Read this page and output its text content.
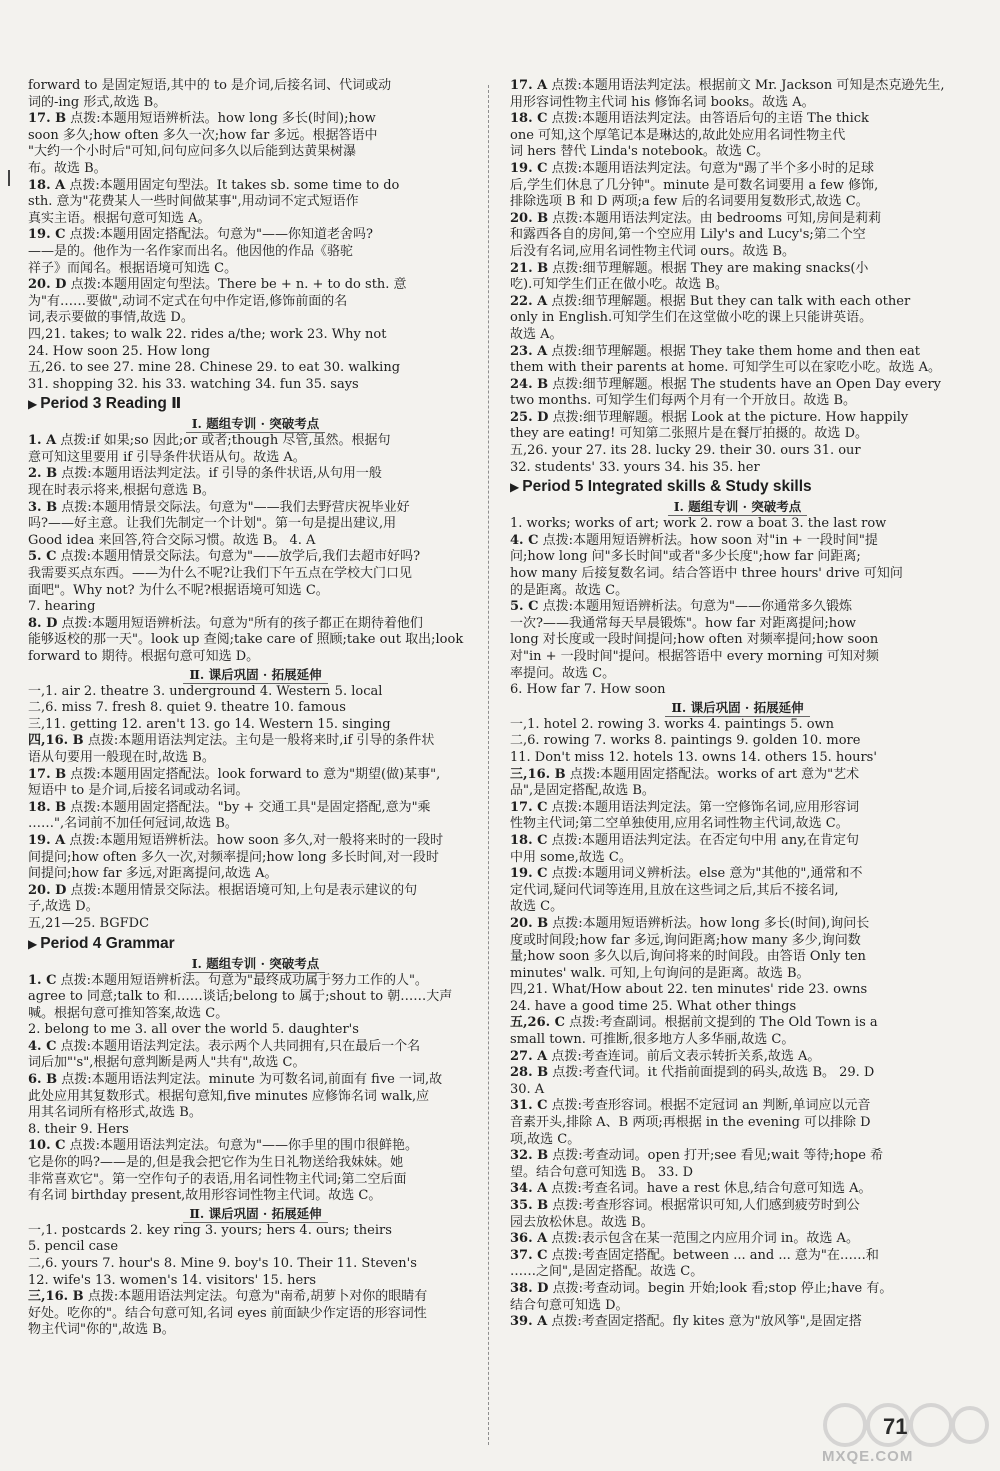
forward to 是固定短语,其中的 to 是介词,后接名词、代词或动
词的-ing 形式,故选 B。
17. B 点拨:本题用短语辨析法。how long 多长(时间);how
soon 多久;how often 多久一次;how far 多远。根据答语中
"大约一个小时后"可知,问句应问多久以后能到达黄果树瀑
布。故选 B。
18. A 点拨:本题用固定句型法。It takes sb. some time to do
sth. 意为"花费某人一些时间做某事",用动词不定式短语作
真实主语。根据句意可知选 A。
19. C 点拨:本题用固定搭配法。句意为"——你知道老舍吗?
——是的。他作为一名作家而出名。他因他的作品《骆驼
祥子》而闻名。根据语境可知选 C。
20. D 点拨:本题用固定句型法。There be + n. + to do sth. 意
为"有……要做",动词不定式在句中作定语,修饰前面的名
词,表示要做的事情,故选 D。
四,21. takes; to walk 22. rides a/the; work 23. Why not
24. How soon 25. How long
五,26. to see 27. mine 28. Chinese 29. to eat 30. walking
31. shopping 32. his 33. watching 34. fun 35. says
▶ Period 3 Reading Ⅱ
Ⅰ. 题组专训 · 突破考点
1. A 点拨:if 如果;so 因此;or 或者;though 尽管,虽然。根据句
意可知这里要用 if 引导条件状语从句。故选 A。
2. B 点拨:本题用语法判定法。if 引导的条件状语,从句用一般
现在时表示将来,根据句意选 B。
3. B 点拨:本题用情景交际法。句意为"——我们去野营庆祝毕业好
吗?——好主意。让我们先制定一个计划"。第一句是提出建议,用
Good idea 来回答,符合交际习惯。故选 B。 4. A
5. C 点拨:本题用情景交际法。句意为"——放学后,我们去超市好吗?
我需要买点东西。——为什么不呢?让我们下午五点在学校大门口见
面吧"。Why not? 为什么不呢?根据语境可知选 C。
7. hearing
8. D 点拨:本题用短语辨析法。句意为"所有的孩子都正在期待着他们
能够返校的那一天"。look up 查阅;take care of 照顾;take out 取出;look
forward to 期待。根据句意可知选 D。
Ⅱ. 课后巩固 · 拓展延伸
一,1. air 2. theatre 3. underground 4. Western 5. local
二,6. miss 7. fresh 8. quiet 9. theatre 10. famous
三,11. getting 12. aren't 13. go 14. Western 15. singing
四,16. B 点拨:本题用语法判定法。主句是一般将来时,if 引导的条件状
语从句要用一般现在时,故选 B。
17. B 点拨:本题用固定搭配法。look forward to 意为"期望(做)某事",
短语中 to 是介词,后接名词或动名词。
18. B 点拨:本题用固定搭配法。"by + 交通工具"是固定搭配,意为"乘
……",名词前不加任何冠词,故选 B。
19. A 点拨:本题用短语辨析法。how soon 多久,对一般将来时的一段时
间提问;how often 多久一次,对频率提问;how long 多长时间,对一段时
间提问;how far 多远,对距离提问,故选 A。
20. D 点拨:本题用情景交际法。根据语境可知,上句是表示建议的句
子,故选 D。
五,21—25. BGFDC
▶ Period 4 Grammar
Ⅰ. 题组专训 · 突破考点
1. C 点拨:本题用短语辨析法。句意为"最终成功属于努力工作的人"。
agree to 同意;talk to 和……谈话;belong to 属于;shout to 朝……大声
喊。根据句意可推知答案,故选 C。
2. belong to me 3. all over the world 5. daughter's
4. C 点拨:本题用语法判定法。表示两个人共同拥有,只在最后一个名
词后加"'s",根据句意判断是两人"共有",故选 C。
6. B 点拨:本题用语法判定法。minute 为可数名词,前面有 five 一词,故
此处应用其复数形式。根据句意知,five minutes 应修饰名词 walk,应
用其名词所有格形式,故选 B。
8. their 9. Hers
10. C 点拨:本题用语法判定法。句意为"——你手里的围巾很鲜艳。
它是你的吗?——是的,但是我会把它作为生日礼物送给我妹妹。她
非常喜欢它"。第一空作句子的表语,用名词性物主代词;第二空后面
有名词 birthday present,故用形容词性物主代词。故选 C。
Ⅱ. 课后巩固 · 拓展延伸
一,1. postcards 2. key ring 3. yours; hers 4. ours; theirs
5. pencil case
二,6. yours 7. hour's 8. Mine 9. boy's 10. Their 11. Steven's
12. wife's 13. women's 14. visitors' 15. hers
三,16. B 点拨:本题用语法判定法。句意为"南希,胡萝卜对你的眼睛有
好处。吃你的"。结合句意可知,名词 eyes 前面缺少作定语的形容词性
物主代词"你的",故选 B。
17. A 点拨:本题用语法判定法。根据前文 Mr. Jackson 可知是杰克逊先生,
用形容词性物主代词 his 修饰名词 books。故选 A。
18. C 点拨:本题用语法判定法。由答语后句的主语 The thick
one 可知,这个厚笔记本是琳达的,故此处应用名词性物主代
词 hers 替代 Linda's notebook。故选 C。
19. C 点拨:本题用语法判定法。句意为"踢了半个多小时的足球
后,学生们休息了几分钟"。minute 是可数名词要用 a few 修饰,
排除选项 B 和 D 两项;a few 后的名词要用复数形式,故选 C。
20. B 点拨:本题用语法判定法。由 bedrooms 可知,房间是莉莉
和露西各自的房间,第一个空应用 Lily's and Lucy's;第二个空
后没有名词,应用名词性物主代词 ours。故选 B。
21. B 点拨:细节理解题。根据 They are making snacks(小
吃).可知学生们正在做小吃。故选 B。
22. A 点拨:细节理解题。根据 But they can talk with each other
only in English.可知学生们在这堂做小吃的课上只能讲英语。
故选 A。
23. A 点拨:细节理解题。根据 They take them home and then eat
them with their parents at home. 可知学生可以在家吃小吃。故选 A。
24. B 点拨:细节理解题。根据 The students have an Open Day every
two months. 可知学生们每两个月有一个开放日。故选 B。
25. D 点拨:细节理解题。根据 Look at the picture. How happily
they are eating! 可知第二张照片是在餐厅拍摄的。故选 D。
五,26. your 27. its 28. lucky 29. their 30. ours 31. our
32. students' 33. yours 34. his 35. her
▶ Period 5 Integrated skills & Study skills
Ⅰ. 题组专训 · 突破考点
1. works; works of art; work 2. row a boat 3. the last row
4. C 点拨:本题用短语辨析法。how soon 对"in + 一段时间"提
问;how long 问"多长时间"或者"多少长度";how far 问距离;
how many 后接复数名词。结合答语中 three hours' drive 可知问
的是距离。故选 C。
5. C 点拨:本题用短语辨析法。句意为"——你通常多久锻炼
一次?——我通常每天早晨锻炼"。how far 对距离提问;how
long 对长度或一段时间提问;how often 对频率提问;how soon
对"in + 一段时间"提问。根据答语中 every morning 可知对频
率提问。故选 C。
6. How far 7. How soon
Ⅱ. 课后巩固 · 拓展延伸
一,1. hotel 2. rowing 3. works 4. paintings 5. own
二,6. rowing 7. works 8. paintings 9. golden 10. more
11. Don't miss 12. hotels 13. owns 14. others 15. hours'
三,16. B 点拨:本题用固定搭配法。works of art 意为"艺术
品",是固定搭配,故选 B。
17. C 点拨:本题用语法判定法。第一空修饰名词,应用形容词
性物主代词;第二空单独使用,应用名词性物主代词,故选 C。
18. C 点拨:本题用语法判定法。在否定句中用 any,在肯定句
中用 some,故选 C。
19. C 点拨:本题用词义辨析法。else 意为"其他的",通常和不
定代词,疑问代词等连用,且放在这些词之后,其后不接名词,
故选 C。
20. B 点拨:本题用短语辨析法。how long 多长(时间),询问长
度或时间段;how far 多远,询问距离;how many 多少,询问数
量;how soon 多久以后,询问将来的时间段。由答语 Only ten
minutes' walk. 可知,上句询问的是距离。故选 B。
四,21. What/How about 22. ten minutes' ride 23. owns
24. have a good time 25. What other things
五,26. C 点拨:考查副词。根据前文提到的 The Old Town is a
small town. 可推断,很多地方人多华丽,故选 C。
27. A 点拨:考查连词。前后文表示转折关系,故选 A。
28. B 点拨:考查代词。it 代指前面提到的码头,故选 B。 29. D
30. A
31. C 点拨:考查形容词。根据不定冠词 an 判断,单词应以元音
音素开头,排除 A、B 两项;再根据 in the evening 可以排除 D
项,故选 C。
32. B 点拨:考查动词。open 打开;see 看见;wait 等待;hope 希
望。结合句意可知选 B。 33. D
34. A 点拨:考查名词。have a rest 休息,结合句意可知选 A。
35. B 点拨:考查形容词。根据常识可知,人们感到疲劳时到公
园去放松休息。故选 B。
36. A 点拨:表示包含在某一范围之内应用介词 in。故选 A。
37. C 点拨:考查固定搭配。between ... and ... 意为"在……和
……之间",是固定搭配。故选 C。
38. D 点拨:考查动词。begin 开始;look 看;stop 停止;have 有。
结合句意可知选 D。
39. A 点拨:考查固定搭配。fly kites 意为"放风筝",是固定搭
71
MXQE.COM
